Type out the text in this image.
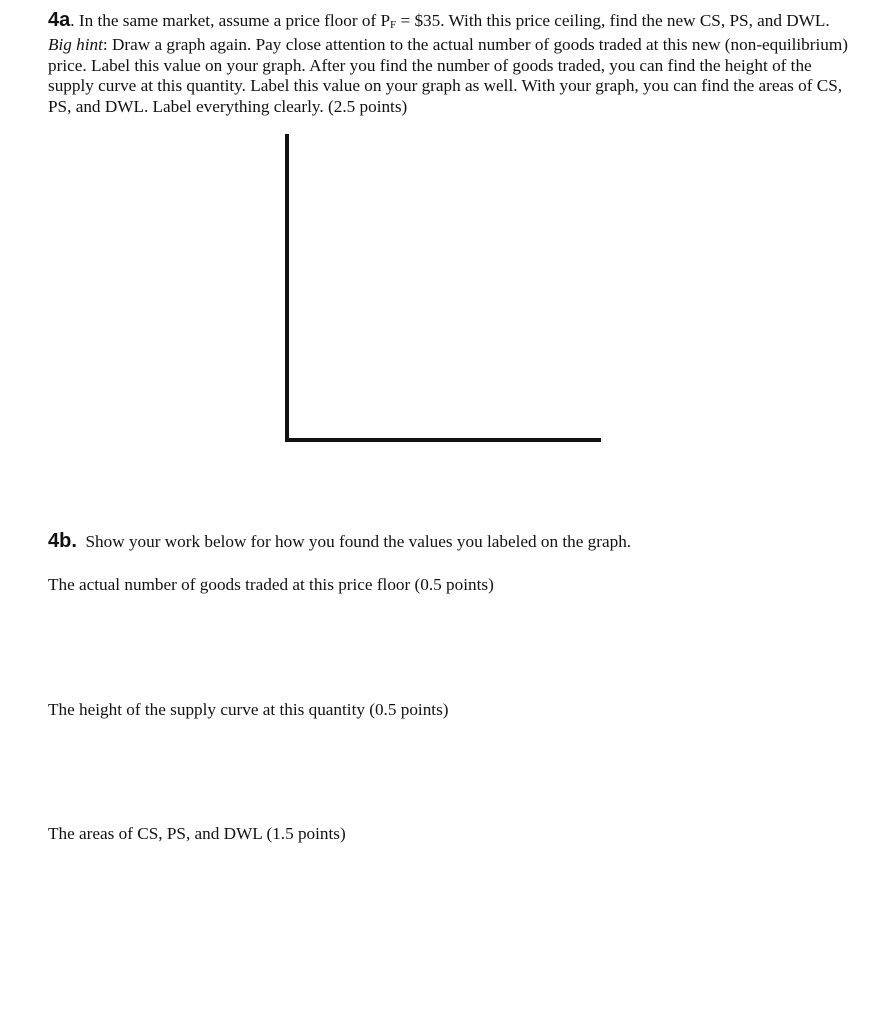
4a. In the same market, assume a price floor of PF = $35. With this price ceiling, find the new CS, PS, and DWL. Big hint: Draw a graph again. Pay close attention to the actual number of goods traded at this new (non-equilibrium) price. Label this value on your graph. After you find the number of goods traded, you can find the height of the supply curve at this quantity. Label this value on your graph as well. With your graph, you can find the areas of CS, PS, and DWL. Label everything clearly. (2.5 points)

4b. Show your work below for how you found the values you labeled on the graph.

The actual number of goods traded at this price floor (0.5 points)

The height of the supply curve at this quantity (0.5 points)

The areas of CS, PS, and DWL (1.5 points)
